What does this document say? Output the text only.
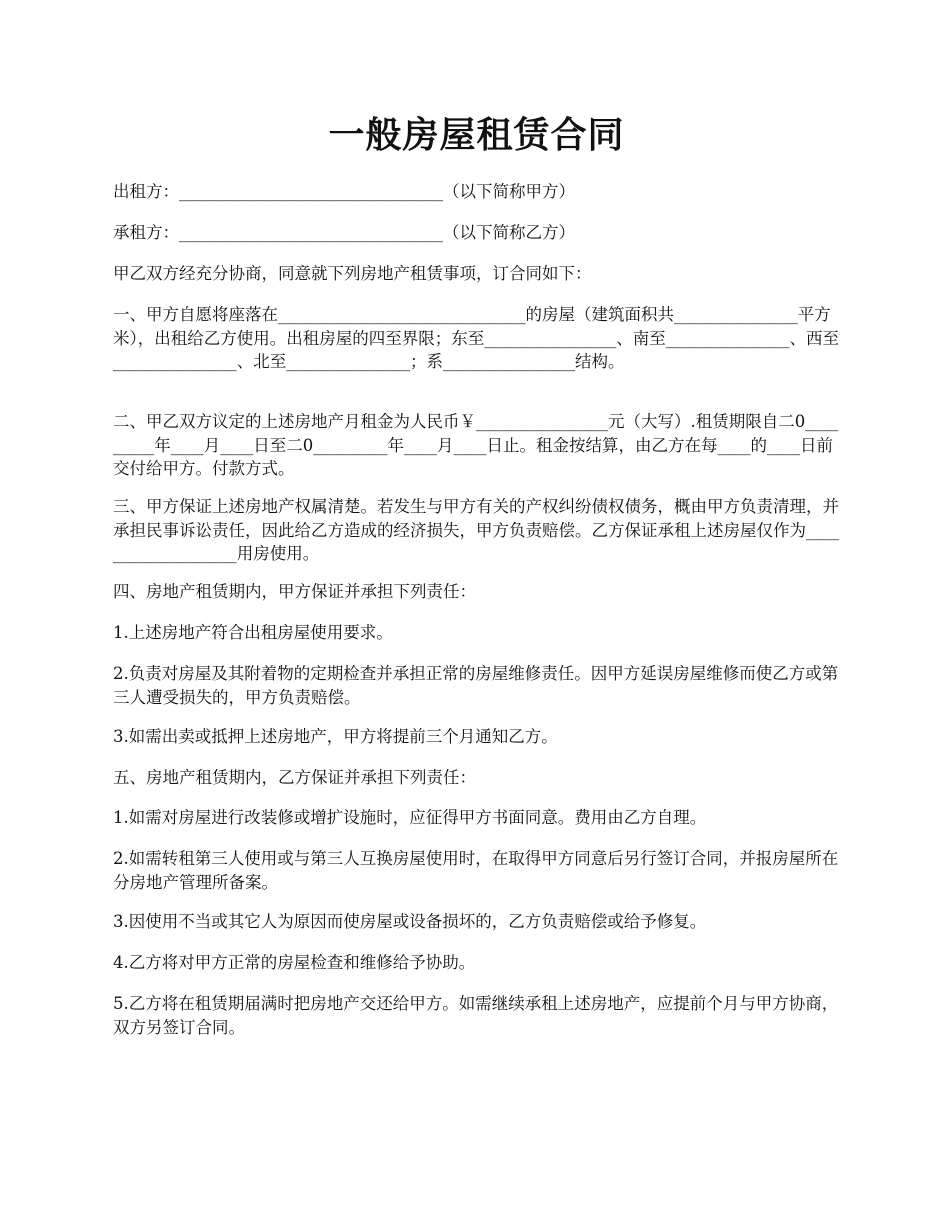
一般房屋租赁合同
出租方：________________________________（以下简称甲方）
承租方：________________________________（以下简称乙方）
甲乙双方经充分协商，同意就下列房地产租赁事项，订合同如下：
一、甲方自愿将座落在______________________________的房屋（建筑面积共_______________平方米），出租给乙方使用。出租房屋的四至界限；东至________________、南至_______________、西至_______________、北至_______________；系________________结构。
二、甲乙双方议定的上述房地产月租金为人民币￥________________元（大写）.租赁期限自二0_________年____月____日至二0_________年____月____日止。租金按结算，由乙方在每____的____日前交付给甲方。付款方式。
三、甲方保证上述房地产权属清楚。若发生与甲方有关的产权纠纷债权债务，概由甲方负责清理，并承担民事诉讼责任，因此给乙方造成的经济损失，甲方负责赔偿。乙方保证承租上述房屋仅作为___________________用房使用。
四、房地产租赁期内，甲方保证并承担下列责任：
1.上述房地产符合出租房屋使用要求。
2.负责对房屋及其附着物的定期检查并承担正常的房屋维修责任。因甲方延误房屋维修而使乙方或第三人遭受损失的，甲方负责赔偿。
3.如需出卖或抵押上述房地产，甲方将提前三个月通知乙方。
五、房地产租赁期内，乙方保证并承担下列责任：
1.如需对房屋进行改装修或增扩设施时，应征得甲方书面同意。费用由乙方自理。
2.如需转租第三人使用或与第三人互换房屋使用时，在取得甲方同意后另行签订合同，并报房屋所在分房地产管理所备案。
3.因使用不当或其它人为原因而使房屋或设备损坏的，乙方负责赔偿或给予修复。
4.乙方将对甲方正常的房屋检查和维修给予协助。
5.乙方将在租赁期届满时把房地产交还给甲方。如需继续承租上述房地产，应提前个月与甲方协商，双方另签订合同。
